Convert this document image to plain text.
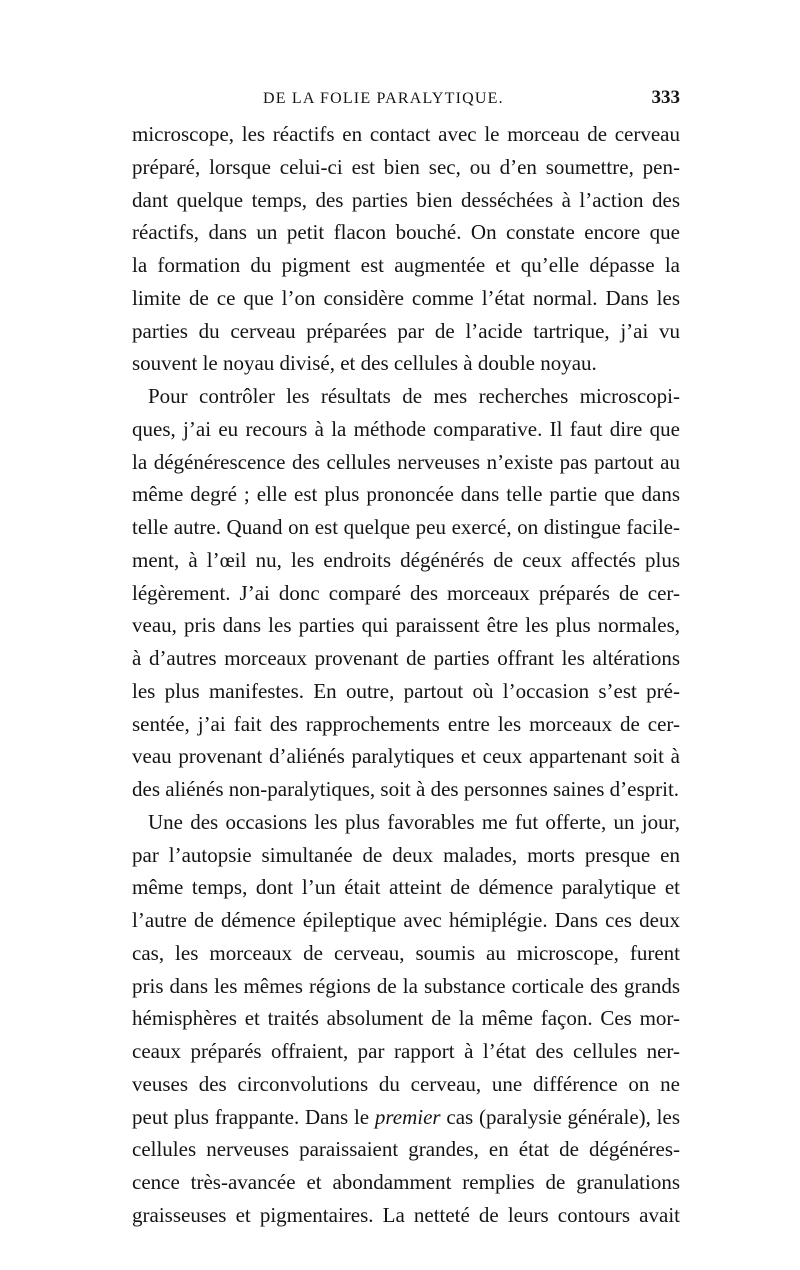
DE LA FOLIE PARALYTIQUE.	333
microscope, les réactifs en contact avec le morceau de cerveau
préparé, lorsque celui-ci est bien sec, ou d’en soumettre, pen-
dant quelque temps, des parties bien desséchées à l’action des
réactifs, dans un petit flacon bouché. On constate encore que
la formation du pigment est augmentée et qu’elle dépasse la
limite de ce que l’on considère comme l’état normal. Dans les
parties du cerveau préparées par de l’acide tartrique, j’ai vu
souvent le noyau divisé, et des cellules à double noyau.
Pour contrôler les résultats de mes recherches microscopi-
ques, j’ai eu recours à la méthode comparative. Il faut dire que
la dégénérescence des cellules nerveuses n’existe pas partout au
même degré ; elle est plus prononcée dans telle partie que dans
telle autre. Quand on est quelque peu exercé, on distingue facile-
ment, à l’œil nu, les endroits dégénérés de ceux affectés plus
légèrement. J’ai donc comparé des morceaux préparés de cer-
veau, pris dans les parties qui paraissent être les plus normales,
à d’autres morceaux provenant de parties offrant les altérations
les plus manifestes. En outre, partout où l’occasion s’est pré-
sentée, j’ai fait des rapprochements entre les morceaux de cer-
veau provenant d’aliénés paralytiques et ceux appartenant soit à
des aliénés non-paralytiques, soit à des personnes saines d’esprit.
Une des occasions les plus favorables me fut offerte, un jour,
par l’autopsie simultanée de deux malades, morts presque en
même temps, dont l’un était atteint de démence paralytique et
l’autre de démence épileptique avec hémiplégie. Dans ces deux
cas, les morceaux de cerveau, soumis au microscope, furent
pris dans les mêmes régions de la substance corticale des grands
hémisphères et traités absolument de la même façon. Ces mor-
ceaux préparés offraient, par rapport à l’état des cellules ner-
veuses des circonvolutions du cerveau, une différence on ne
peut plus frappante. Dans le premier cas (paralysie générale), les
cellules nerveuses paraissaient grandes, en état de dégénéres-
cence très-avancée et abondamment remplies de granulations
graisseuses et pigmentaires. La netteté de leurs contours avait
